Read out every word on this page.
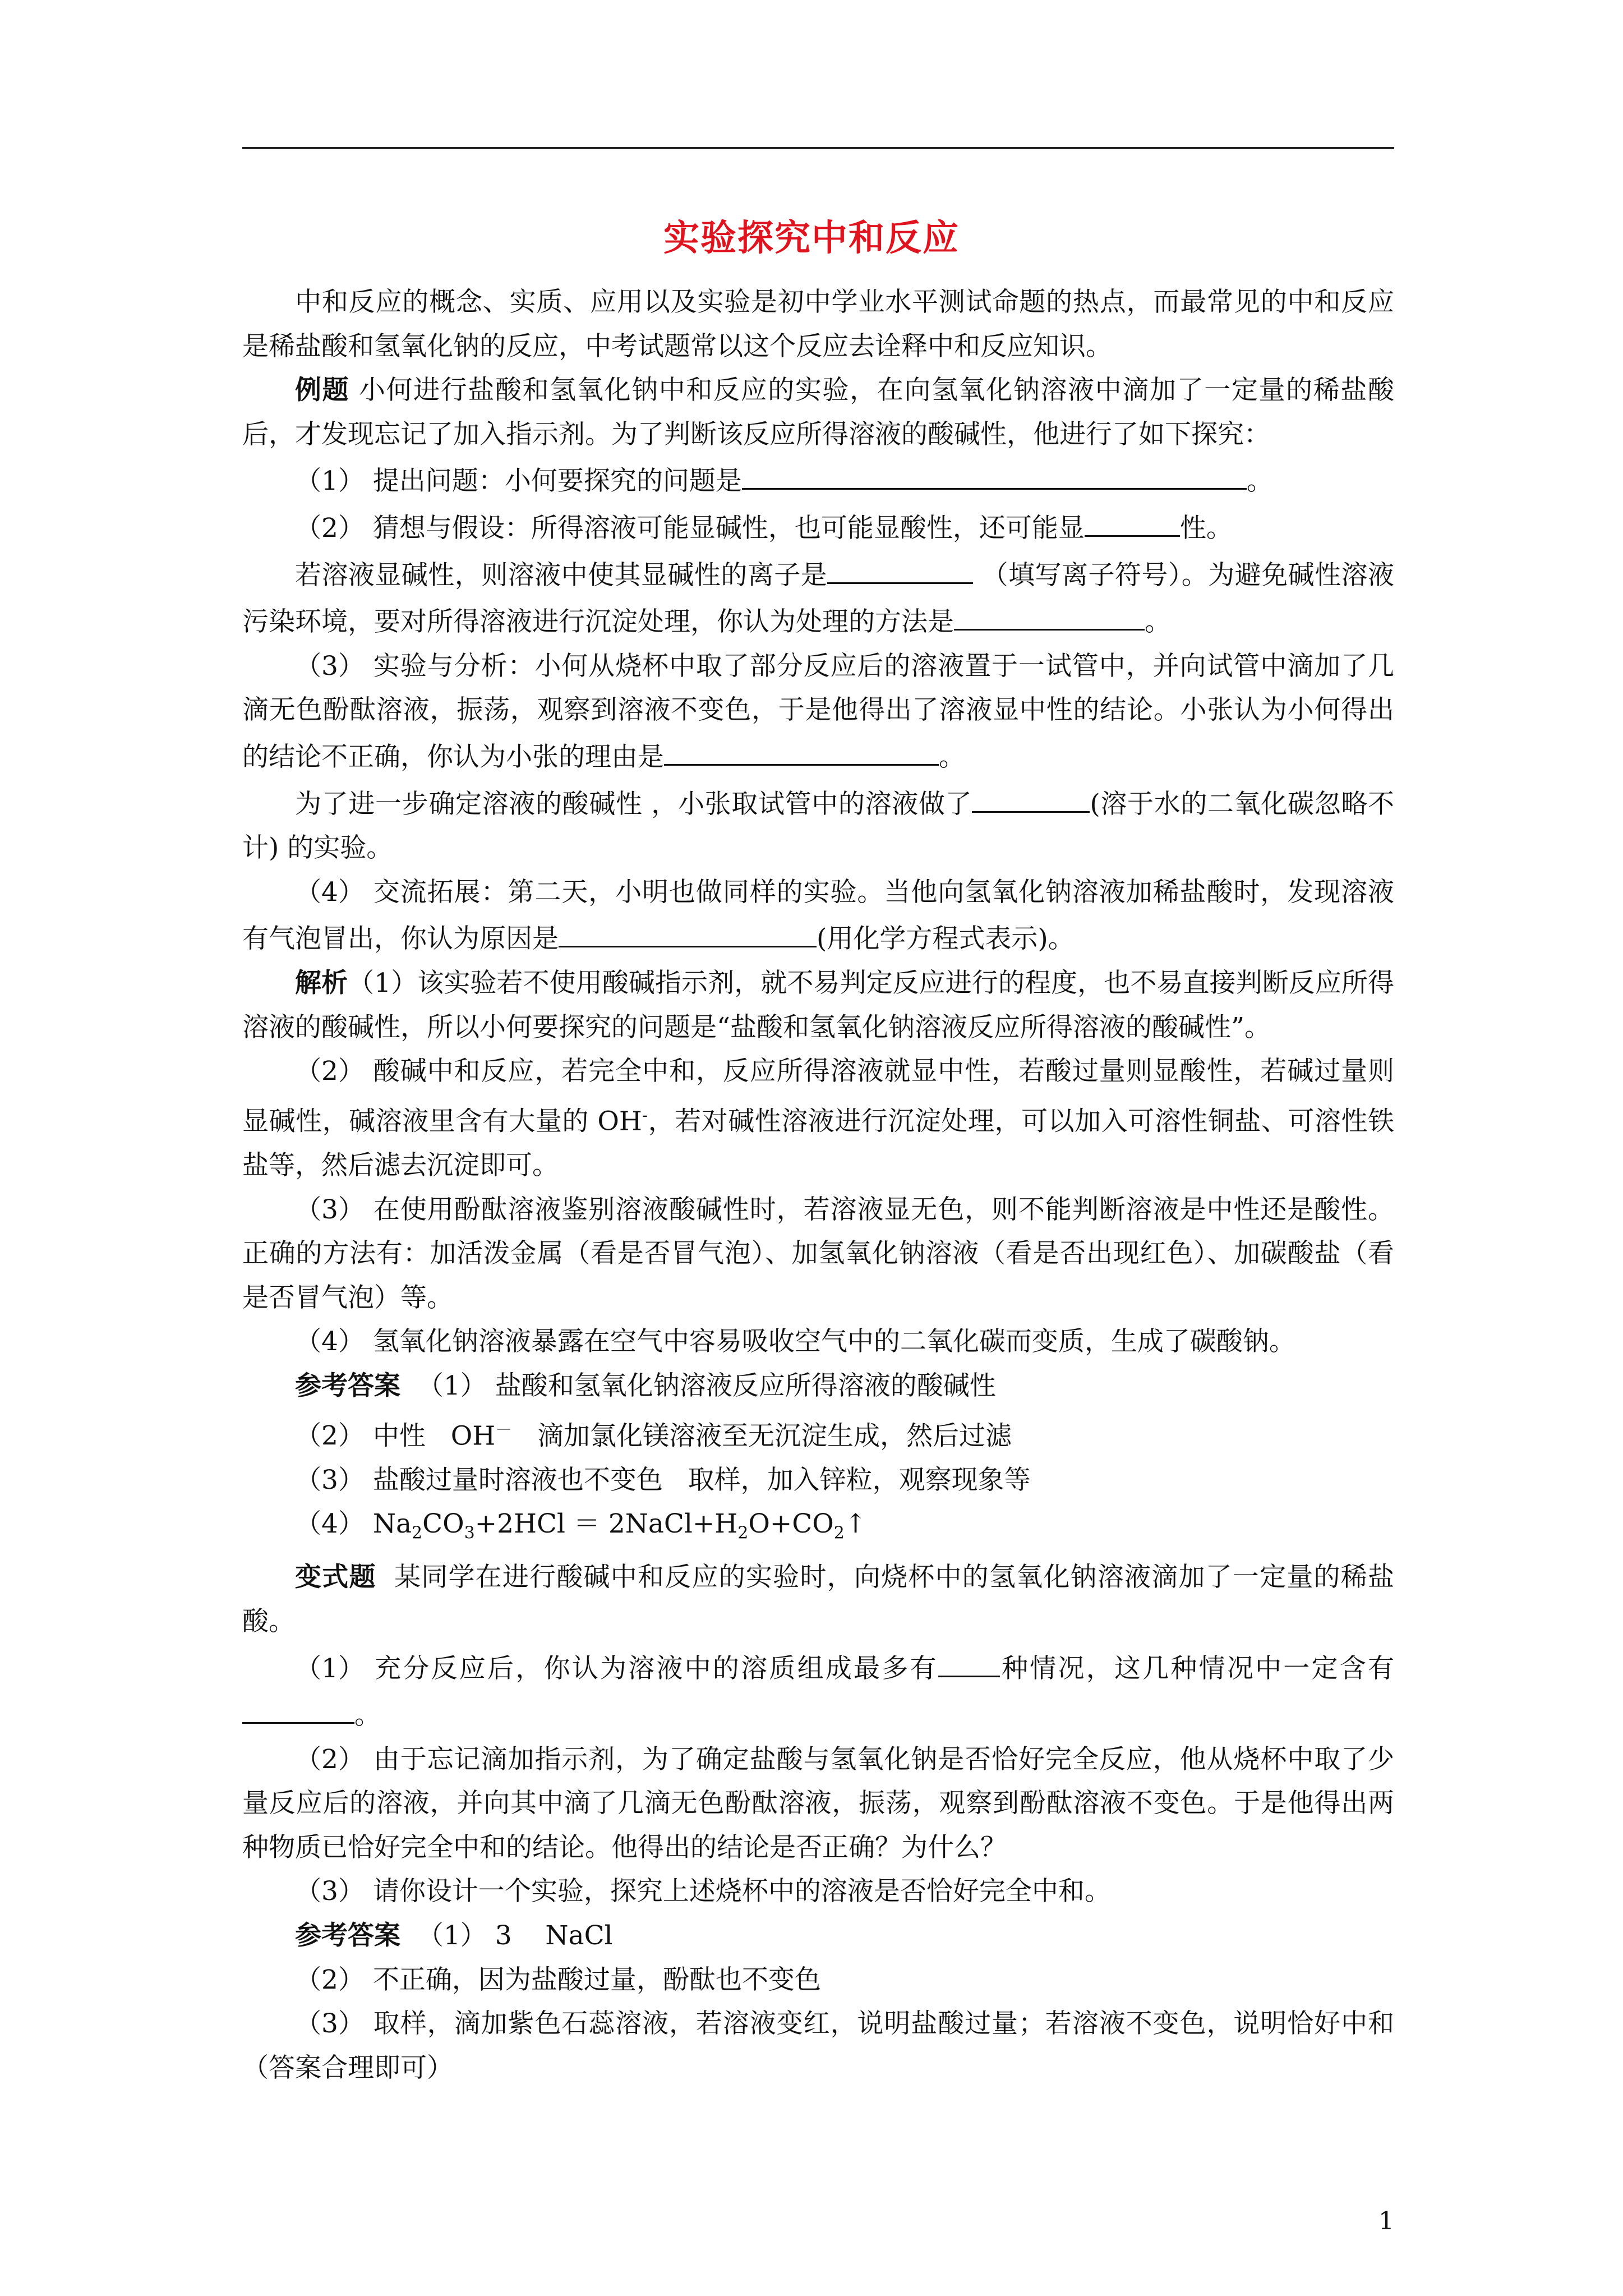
实验探究中和反应

中和反应的概念、实质、应用以及实验是初中学业水平测试命题的热点，而最常见的中和反应是稀盐酸和氢氧化钠的反应，中考试题常以这个反应去诠释中和反应知识。

例题 小何进行盐酸和氢氧化钠中和反应的实验，在向氢氧化钠溶液中滴加了一定量的稀盐酸后，才发现忘记了加入指示剂。为了判断该反应所得溶液的酸碱性，他进行了如下探究：

（1） 提出问题：小何要探究的问题是	。

（2） 猜想与假设：所得溶液可能显碱性，也可能显酸性，还可能显	性。

若溶液显碱性，则溶液中使其显碱性的离子是	（填写离子符号）。为避免碱性溶液污染环境，要对所得溶液进行沉淀处理，你认为处理的方法是	。

（3） 实验与分析：小何从烧杯中取了部分反应后的溶液置于一试管中，并向试管中滴加了几滴无色酚酞溶液，振荡，观察到溶液不变色，于是他得出了溶液显中性的结论。小张认为小何得出的结论不正确，你认为小张的理由是	。

为了进一步确定溶液的酸碱性 ，小张取试管中的溶液做了	(溶于水的二氧化碳忽略不计) 的实验。

（4） 交流拓展：第二天，小明也做同样的实验。当他向氢氧化钠溶液加稀盐酸时，发现溶液有气泡冒出，你认为原因是	(用化学方程式表示)。

解析（1）该实验若不使用酸碱指示剂，就不易判定反应进行的程度，也不易直接判断反应所得溶液的酸碱性，所以小何要探究的问题是“盐酸和氢氧化钠溶液反应所得溶液的酸碱性”。

（2） 酸碱中和反应，若完全中和，反应所得溶液就显中性，若酸过量则显酸性，若碱过量则显碱性，碱溶液里含有大量的 OH-，若对碱性溶液进行沉淀处理，可以加入可溶性铜盐、可溶性铁盐等，然后滤去沉淀即可。

（3） 在使用酚酞溶液鉴别溶液酸碱性时，若溶液显无色，则不能判断溶液是中性还是酸性。正确的方法有：加活泼金属（看是否冒气泡）、加氢氧化钠溶液（看是否出现红色）、加碳酸盐（看是否冒气泡）等。

（4） 氢氧化钠溶液暴露在空气中容易吸收空气中的二氧化碳而变质，生成了碳酸钠。

参考答案 （1） 盐酸和氢氧化钠溶液反应所得溶液的酸碱性

（2） 中性 OH－ 滴加氯化镁溶液至无沉淀生成，然后过滤

（3） 盐酸过量时溶液也不变色 取样，加入锌粒，观察现象等

（4） $Na_2CO_3+2HCl$ ＝ $2NaCl+H_2O+CO_2↑$

变式题 某同学在进行酸碱中和反应的实验时，向烧杯中的氢氧化钠溶液滴加了一定量的稀盐酸。

（1） 充分反应后，你认为溶液中的溶质组成最多有 种情况，这几种情况中一定含有。

（2） 由于忘记滴加指示剂，为了确定盐酸与氢氧化钠是否恰好完全反应，他从烧杯中取了少量反应后的溶液，并向其中滴了几滴无色酚酞溶液，振荡，观察到酚酞溶液不变色。于是他得出两种物质已恰好完全中和的结论。他得出的结论是否正确？为什么？

（3） 请你设计一个实验，探究上述烧杯中的溶液是否恰好完全中和。

参考答案 （1） 3 NaCl

（2） 不正确，因为盐酸过量，酚酞也不变色

（3） 取样，滴加紫色石蕊溶液，若溶液变红，说明盐酸过量；若溶液不变色，说明恰好中和（答案合理即可）

1
